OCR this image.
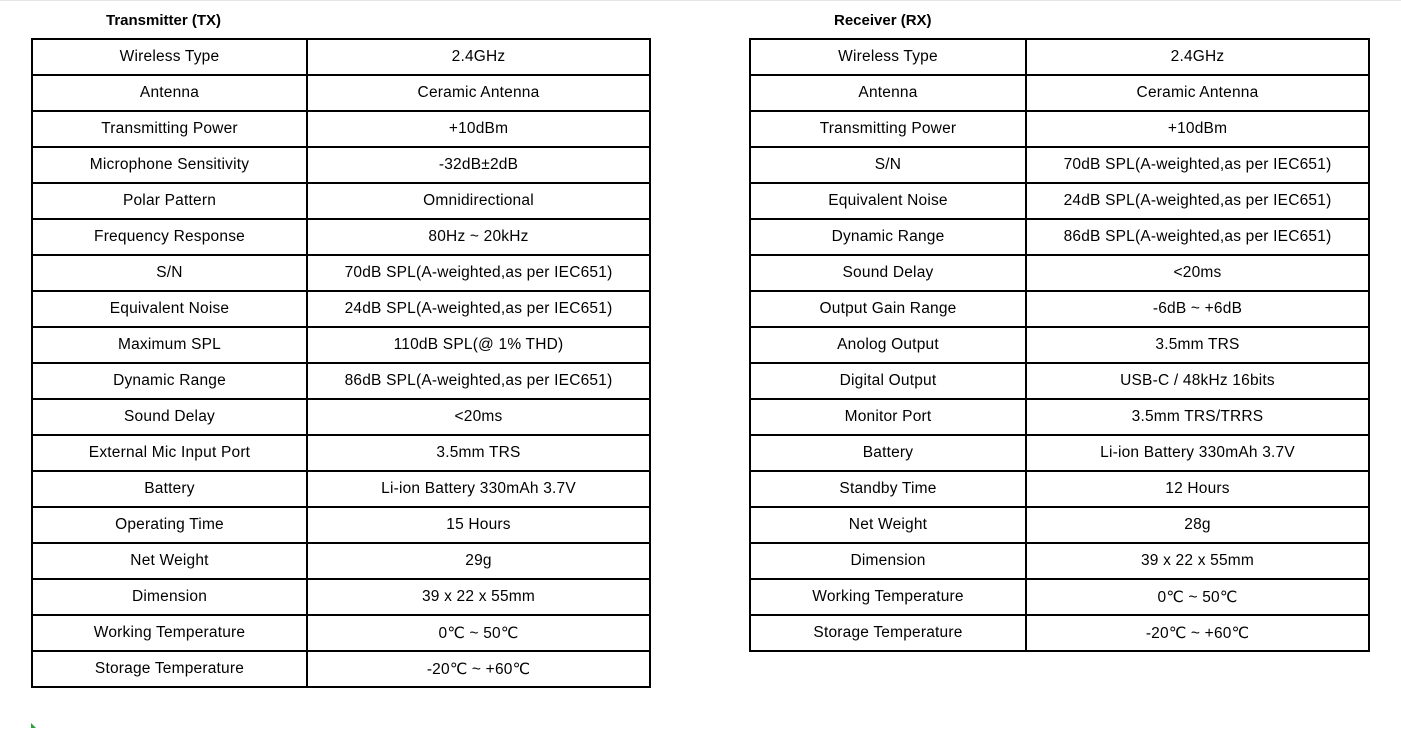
Transmitter (TX)
Wireless Type	2.4GHz
Antenna	Ceramic Antenna
Transmitting Power	+10dBm
Microphone Sensitivity	-32dB±2dB
Polar Pattern	Omnidirectional
Frequency Response	80Hz ~ 20kHz
S/N	70dB SPL(A-weighted,as per IEC651)
Equivalent Noise	24dB SPL(A-weighted,as per IEC651)
Maximum SPL	110dB SPL(@ 1% THD)
Dynamic Range	86dB SPL(A-weighted,as per IEC651)
Sound Delay	<20ms
External Mic Input Port	3.5mm TRS
Battery	Li-ion Battery 330mAh 3.7V
Operating Time	15 Hours
Net Weight	29g
Dimension	39 x 22 x 55mm
Working Temperature	0℃ ~ 50℃
Storage Temperature	-20℃ ~ +60℃
Receiver (RX)
Wireless Type	2.4GHz
Antenna	Ceramic Antenna
Transmitting Power	+10dBm
S/N	70dB SPL(A-weighted,as per IEC651)
Equivalent Noise	24dB SPL(A-weighted,as per IEC651)
Dynamic Range	86dB SPL(A-weighted,as per IEC651)
Sound Delay	<20ms
Output Gain Range	-6dB ~ +6dB
Anolog Output	3.5mm TRS
Digital Output	USB-C / 48kHz 16bits
Monitor Port	3.5mm TRS/TRRS
Battery	Li-ion Battery 330mAh 3.7V
Standby Time	12 Hours
Net Weight	28g
Dimension	39 x 22 x 55mm
Working Temperature	0℃ ~ 50℃
Storage Temperature	-20℃ ~ +60℃
